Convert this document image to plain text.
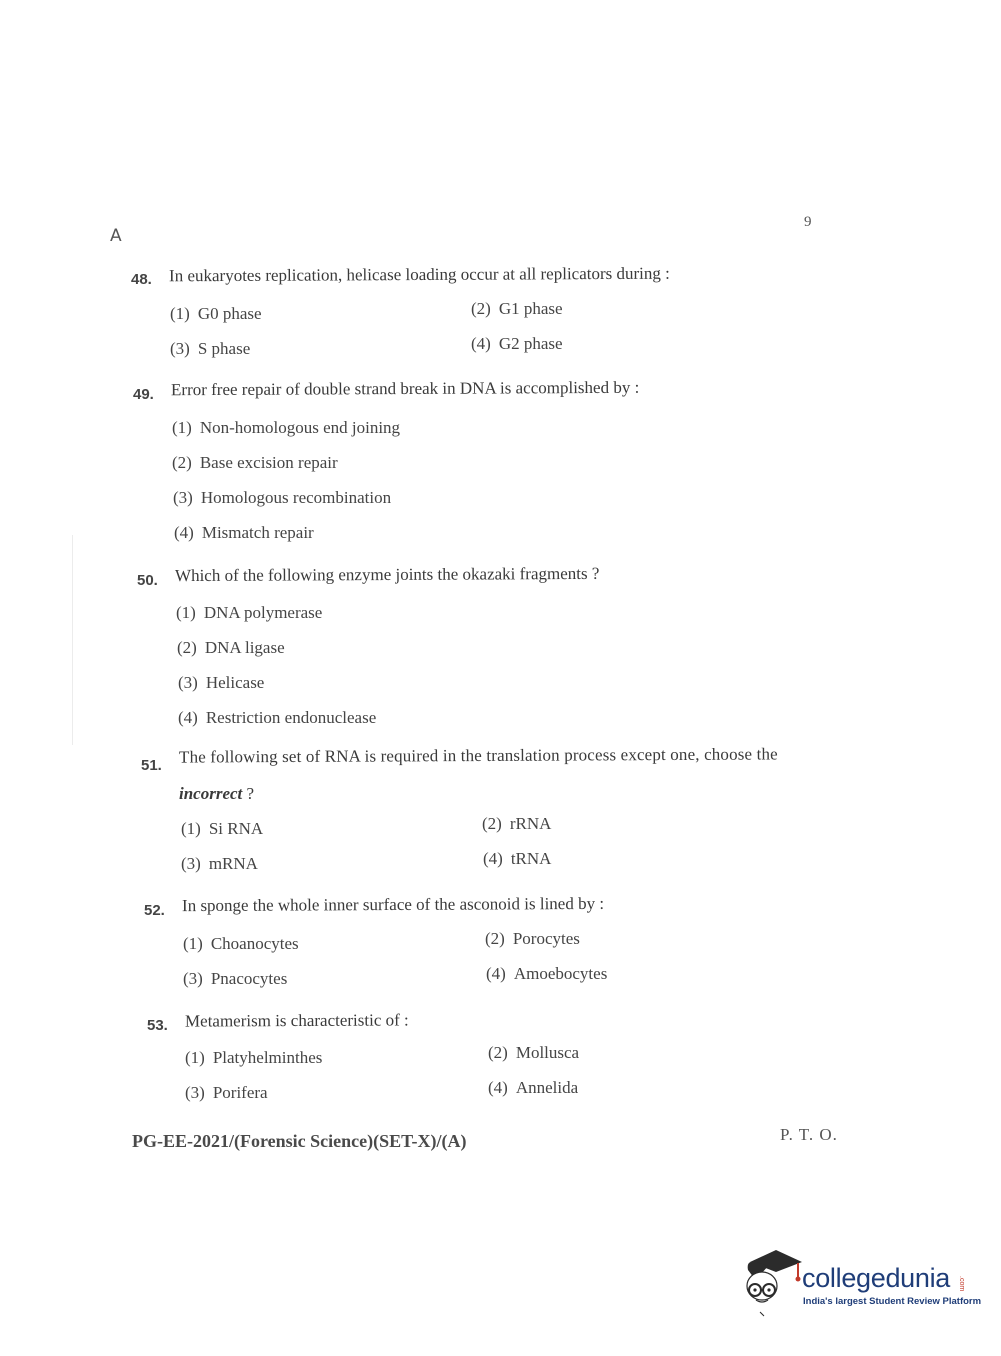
A
9
48. In eukaryotes replication, helicase loading occur at all replicators during :
(1) G0 phase	(2) G1 phase
(3) S phase	(4) G2 phase
49. Error free repair of double strand break in DNA is accomplished by :
(1) Non-homologous end joining
(2) Base excision repair
(3) Homologous recombination
(4) Mismatch repair
50. Which of the following enzyme joints the okazaki fragments ?
(1) DNA polymerase
(2) DNA ligase
(3) Helicase
(4) Restriction endonuclease
51. The following set of RNA is required in the translation process except one, choose the
incorrect ?
(1) Si RNA	(2) rRNA
(3) mRNA	(4) tRNA
52. In sponge the whole inner surface of the asconoid is lined by :
(1) Choanocytes	(2) Porocytes
(3) Pnacocytes	(4) Amoebocytes
53. Metamerism is characteristic of :
(1) Platyhelminthes	(2) Mollusca
(3) Porifera	(4) Annelida
PG-EE-2021/(Forensic Science)(SET-X)/(A)	P. T. O.
collegedunia .com
India's largest Student Review Platform
